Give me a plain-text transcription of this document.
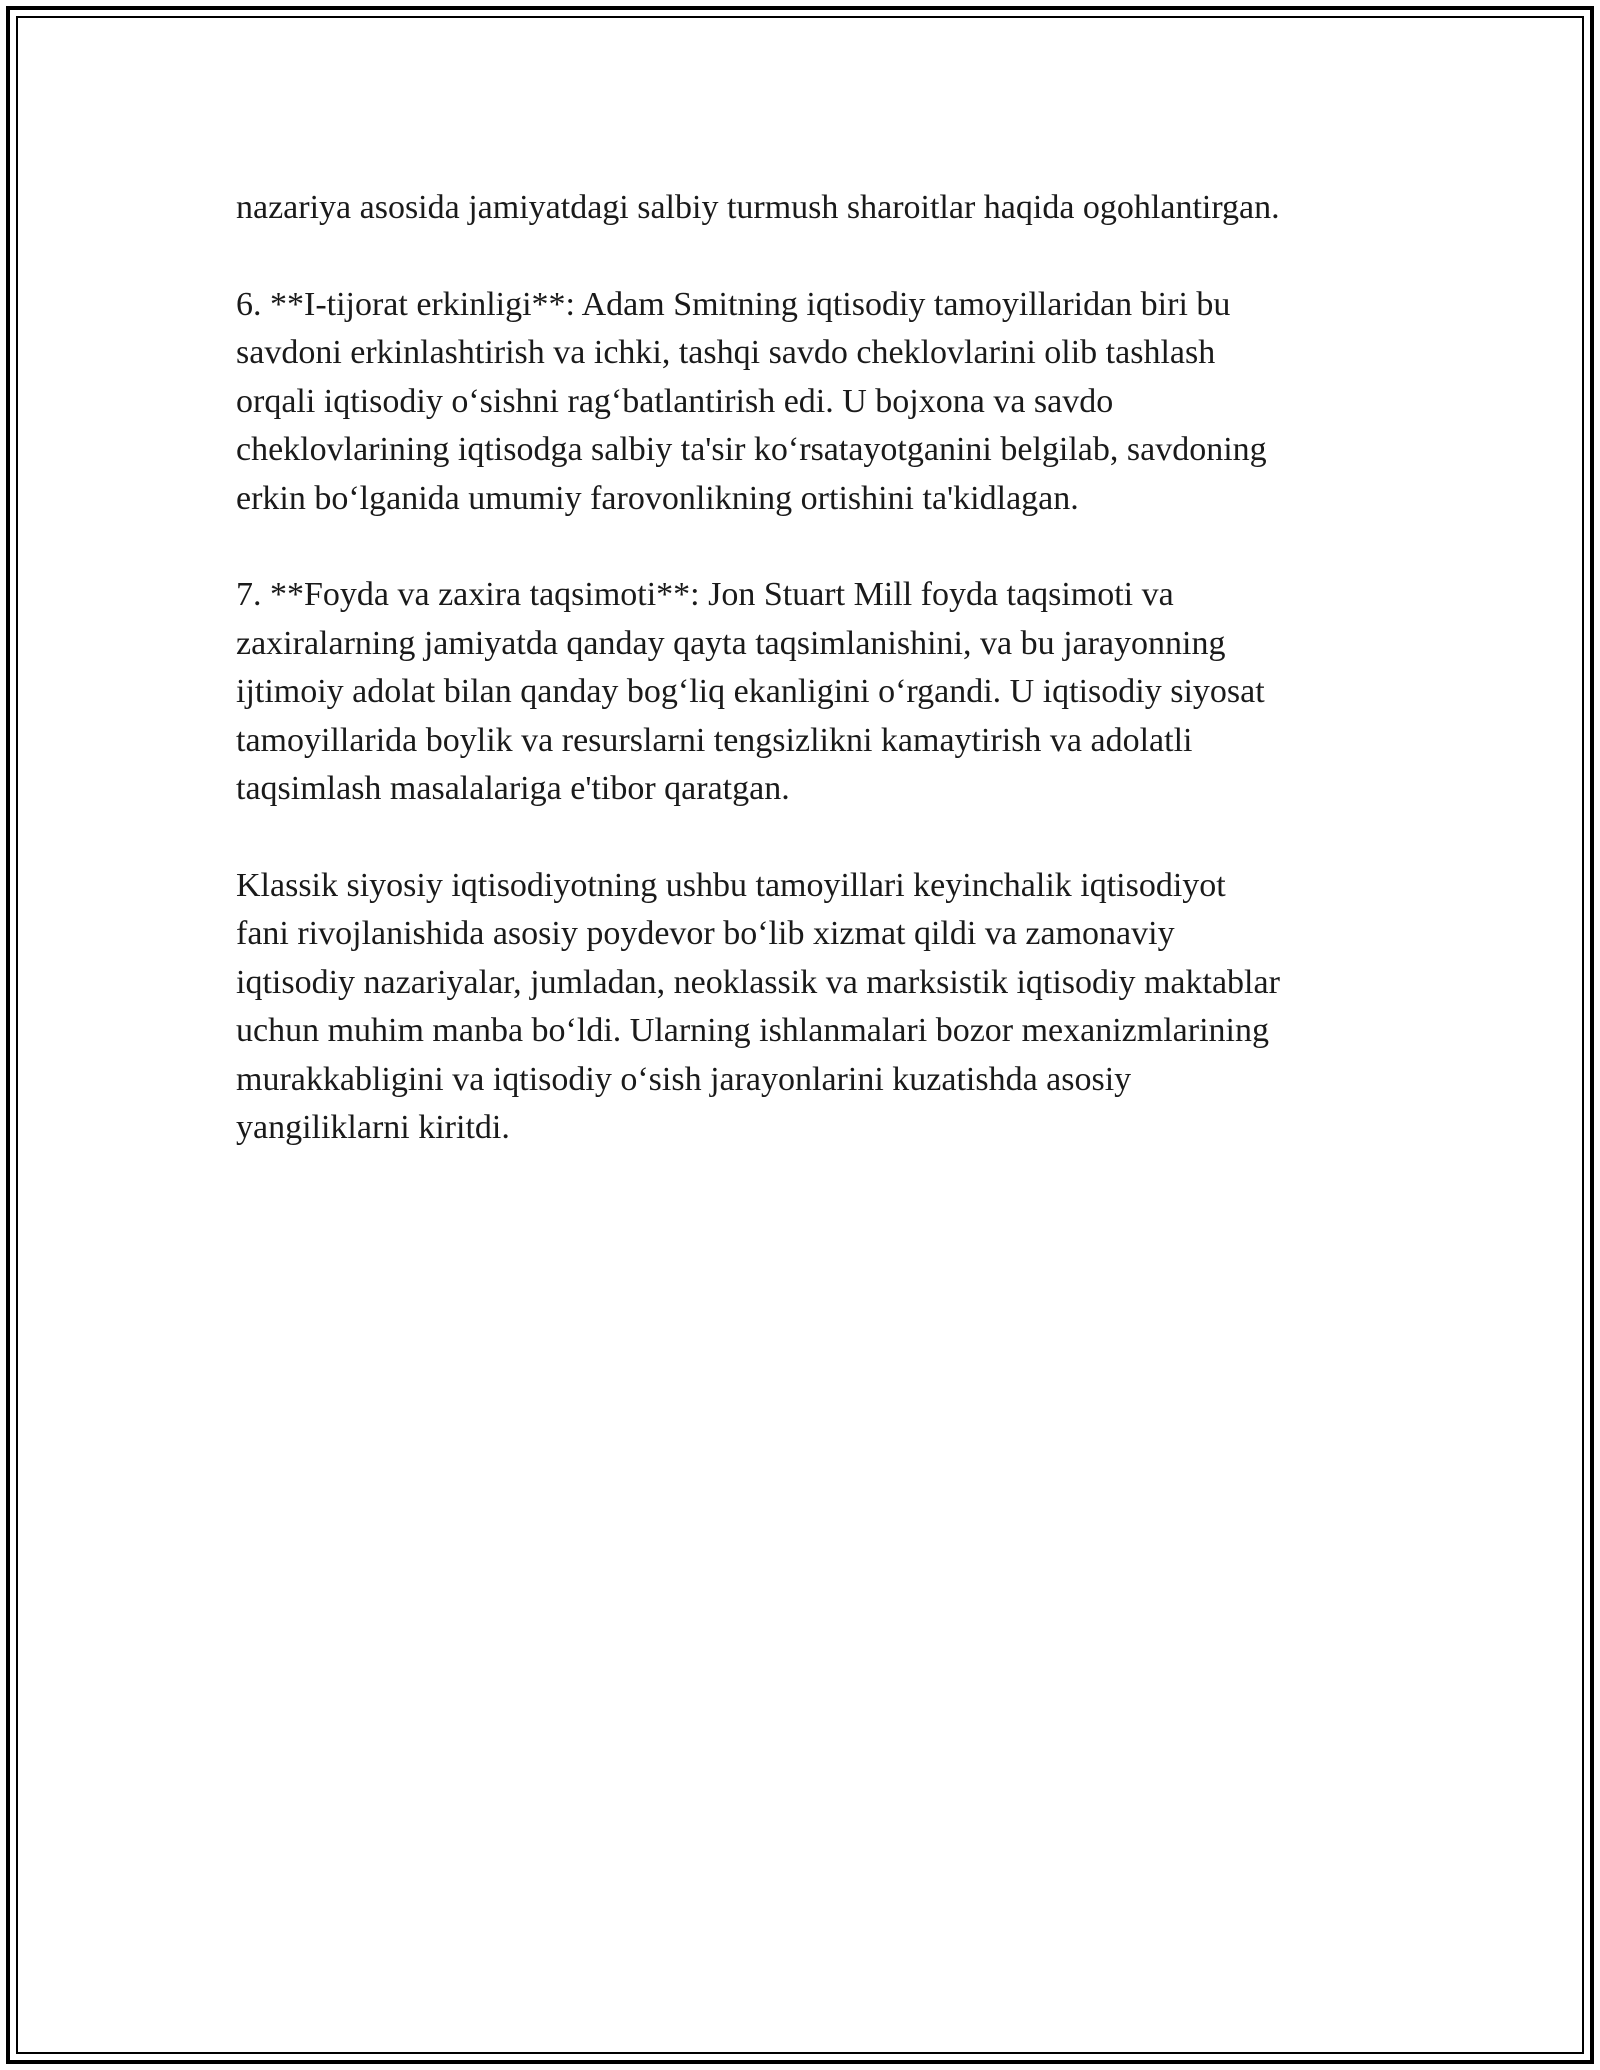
nazariya asosida jamiyatdagi salbiy turmush sharoitlar haqida ogohlantirgan.

6. **I-tijorat erkinligi**: Adam Smitning iqtisodiy tamoyillaridan biri bu
savdoni erkinlashtirish va ichki, tashqi savdo cheklovlarini olib tashlash
orqali iqtisodiy o‘sishni rag‘batlantirish edi. U bojxona va savdo
cheklovlarining iqtisodga salbiy ta'sir ko‘rsatayotganini belgilab, savdoning
erkin bo‘lganida umumiy farovonlikning ortishini ta'kidlagan.

7. **Foyda va zaxira taqsimoti**: Jon Stuart Mill foyda taqsimoti va
zaxiralarning jamiyatda qanday qayta taqsimlanishini, va bu jarayonning
ijtimoiy adolat bilan qanday bog‘liq ekanligini o‘rgandi. U iqtisodiy siyosat
tamoyillarida boylik va resurslarni tengsizlikni kamaytirish va adolatli
taqsimlash masalalariga e'tibor qaratgan.

Klassik siyosiy iqtisodiyotning ushbu tamoyillari keyinchalik iqtisodiyot
fani rivojlanishida asosiy poydevor bo‘lib xizmat qildi va zamonaviy
iqtisodiy nazariyalar, jumladan, neoklassik va marksistik iqtisodiy maktablar
uchun muhim manba bo‘ldi. Ularning ishlanmalari bozor mexanizmlarining
murakkabligini va iqtisodiy o‘sish jarayonlarini kuzatishda asosiy
yangiliklarni kiritdi.
